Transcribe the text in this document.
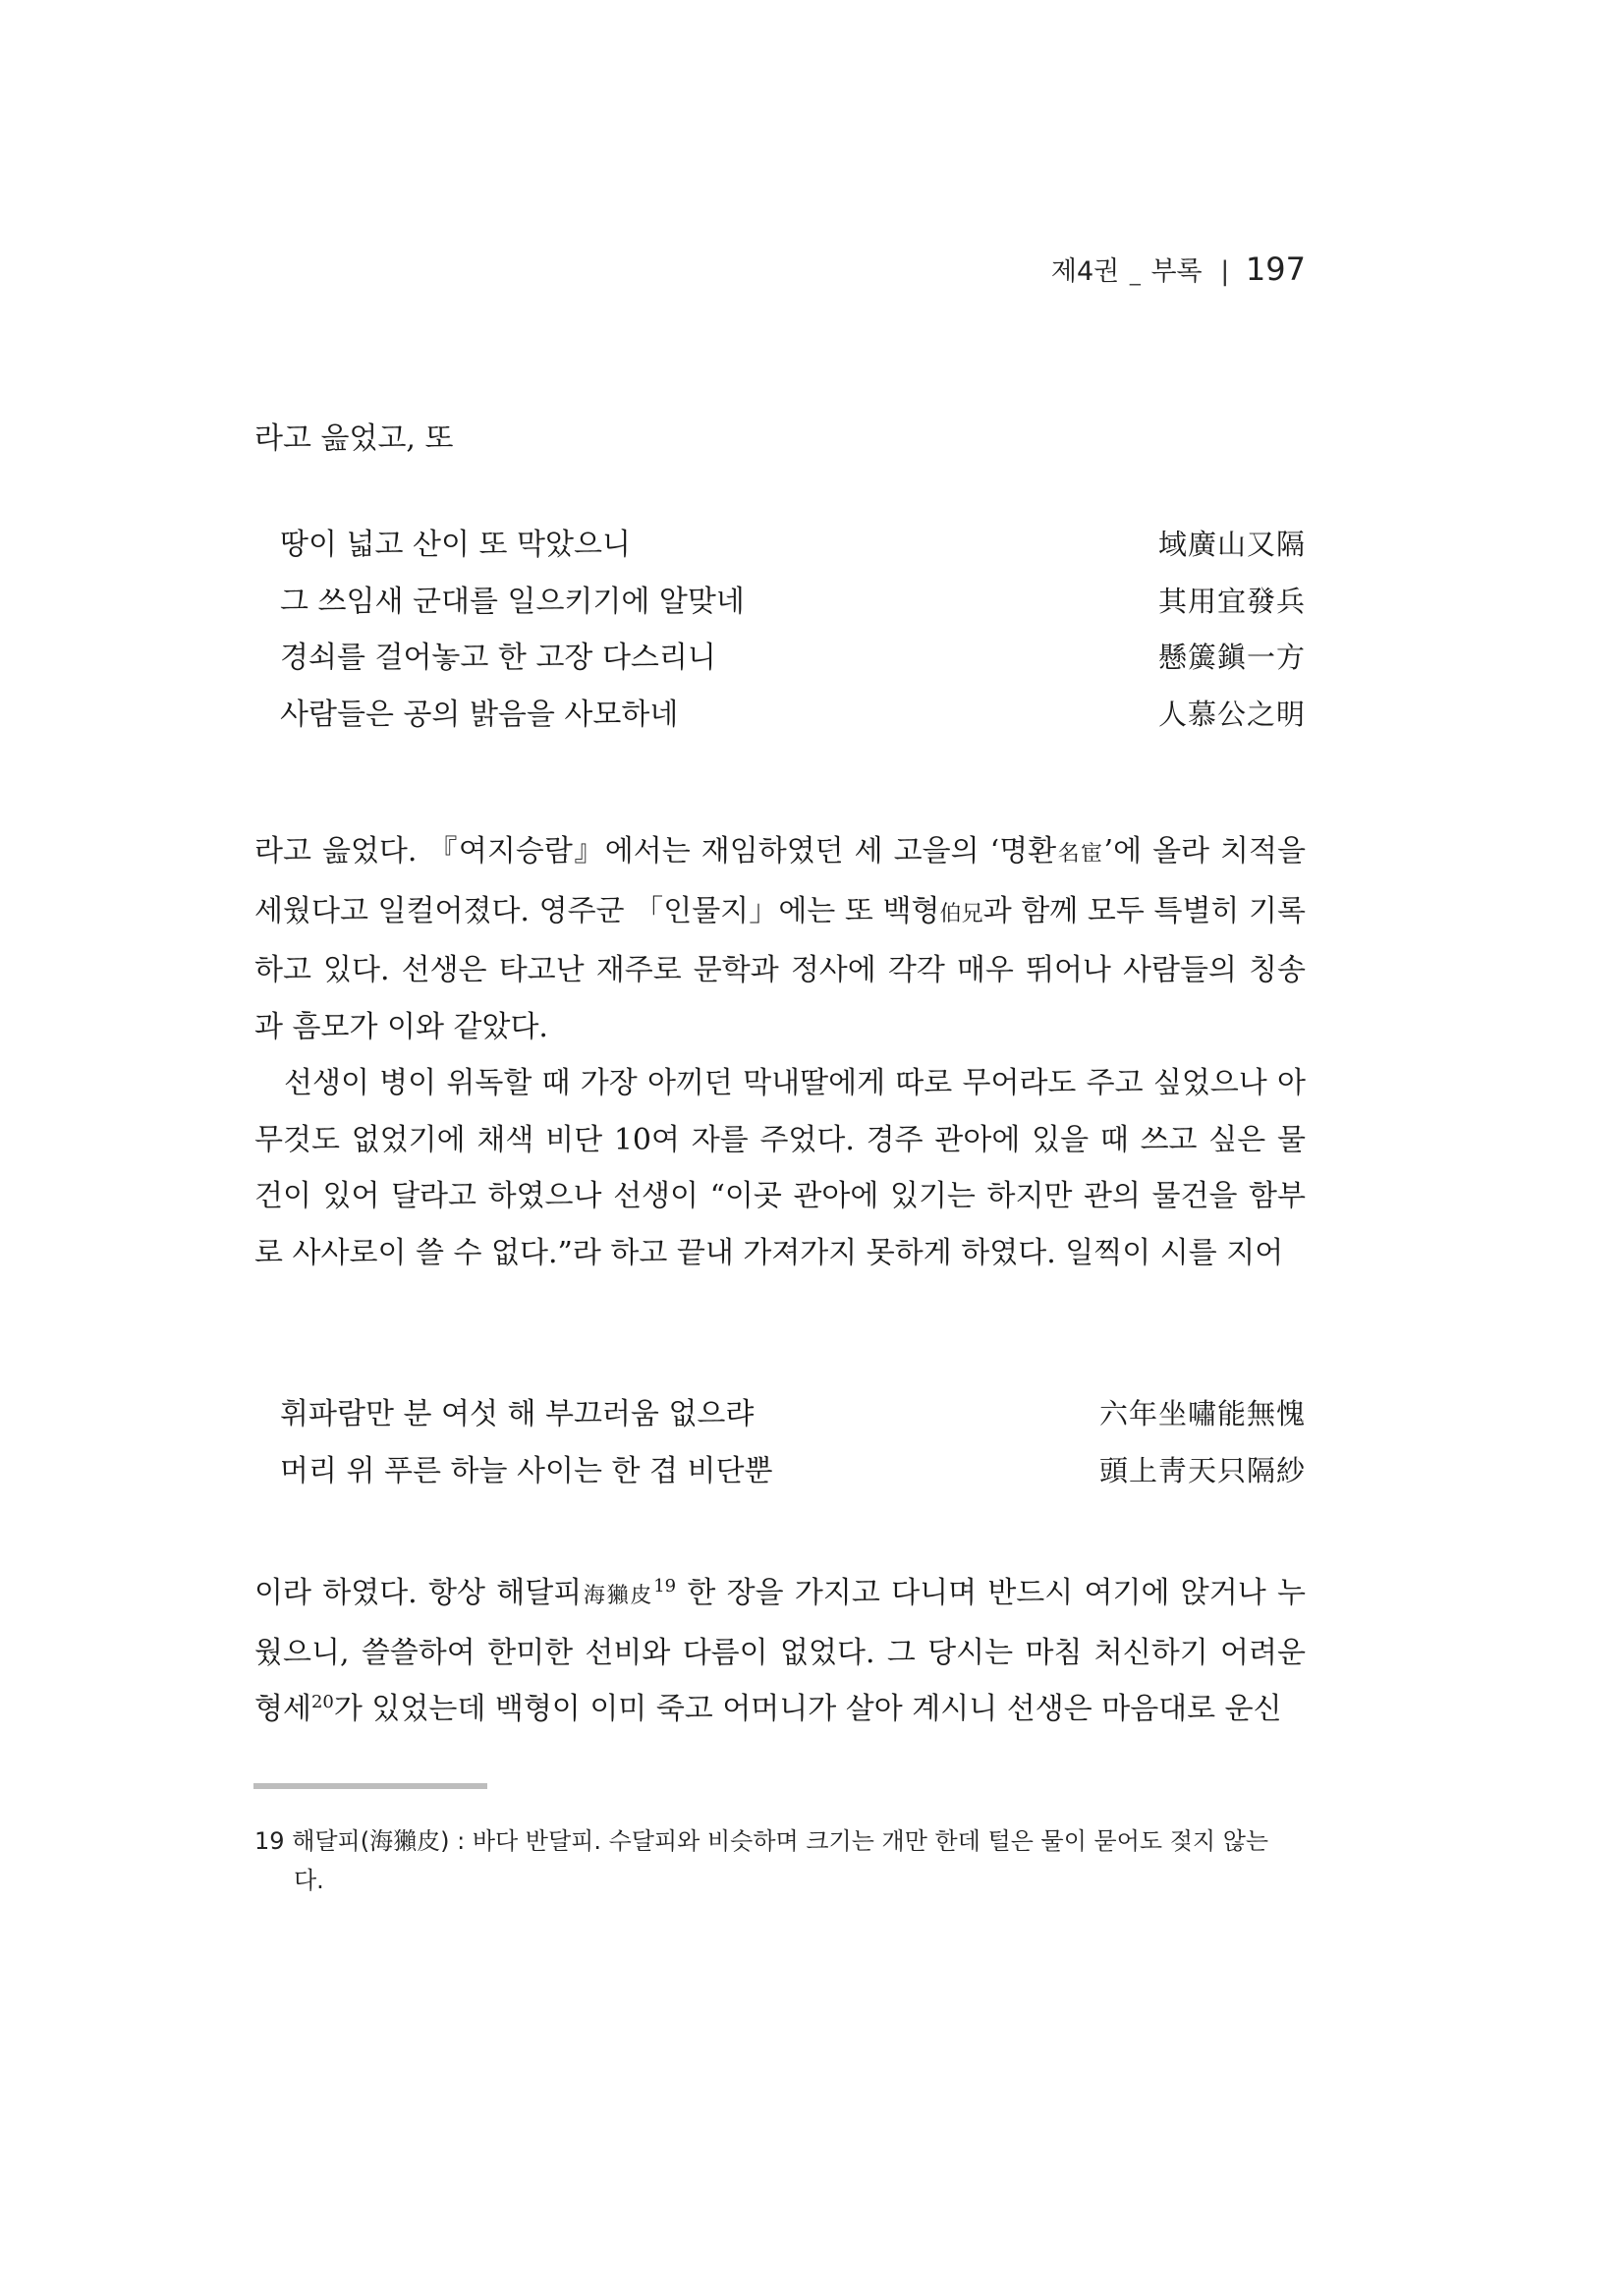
제4권 _ 부록 | 197

라고 읊었고, 또

땅이 넓고 산이 또 막았으니	域廣山又隔
그 쓰임새 군대를 일으키기에 알맞네	其用宜發兵
경쇠를 걸어놓고 한 고장 다스리니	懸簴鎭一方
사람들은 공의 밝음을 사모하네	人慕公之明

라고 읊었다. 『여지승람』에서는 재임하였던 세 고을의 ‘명환名宦’에 올라 치적을 세웠다고 일컬어졌다. 영주군 「인물지」에는 또 백형伯兄과 함께 모두 특별히 기록하고 있다. 선생은 타고난 재주로 문학과 정사에 각각 매우 뛰어나 사람들의 칭송과 흠모가 이와 같았다.

선생이 병이 위독할 때 가장 아끼던 막내딸에게 따로 무어라도 주고 싶었으나 아무것도 없었기에 채색 비단 10여 자를 주었다. 경주 관아에 있을 때 쓰고 싶은 물건이 있어 달라고 하였으나 선생이 “이곳 관아에 있기는 하지만 관의 물건을 함부로 사사로이 쓸 수 없다.”라 하고 끝내 가져가지 못하게 하였다. 일찍이 시를 지어

휘파람만 분 여섯 해 부끄러움 없으랴	六年坐嘯能無愧
머리 위 푸른 하늘 사이는 한 겹 비단뿐	頭上靑天只隔紗

이라 하였다. 항상 해달피海獺皮$^{19}$ 한 장을 가지고 다니며 반드시 여기에 앉거나 누웠으니, 쓸쓸하여 한미한 선비와 다름이 없었다. 그 당시는 마침 처신하기 어려운 형세$^{20}$가 있었는데 백형이 이미 죽고 어머니가 살아 계시니 선생은 마음대로 운신

19 해달피(海獺皮) : 바다 반달피. 수달피와 비슷하며 크기는 개만 한데 털은 물이 묻어도 젖지 않는
다.
